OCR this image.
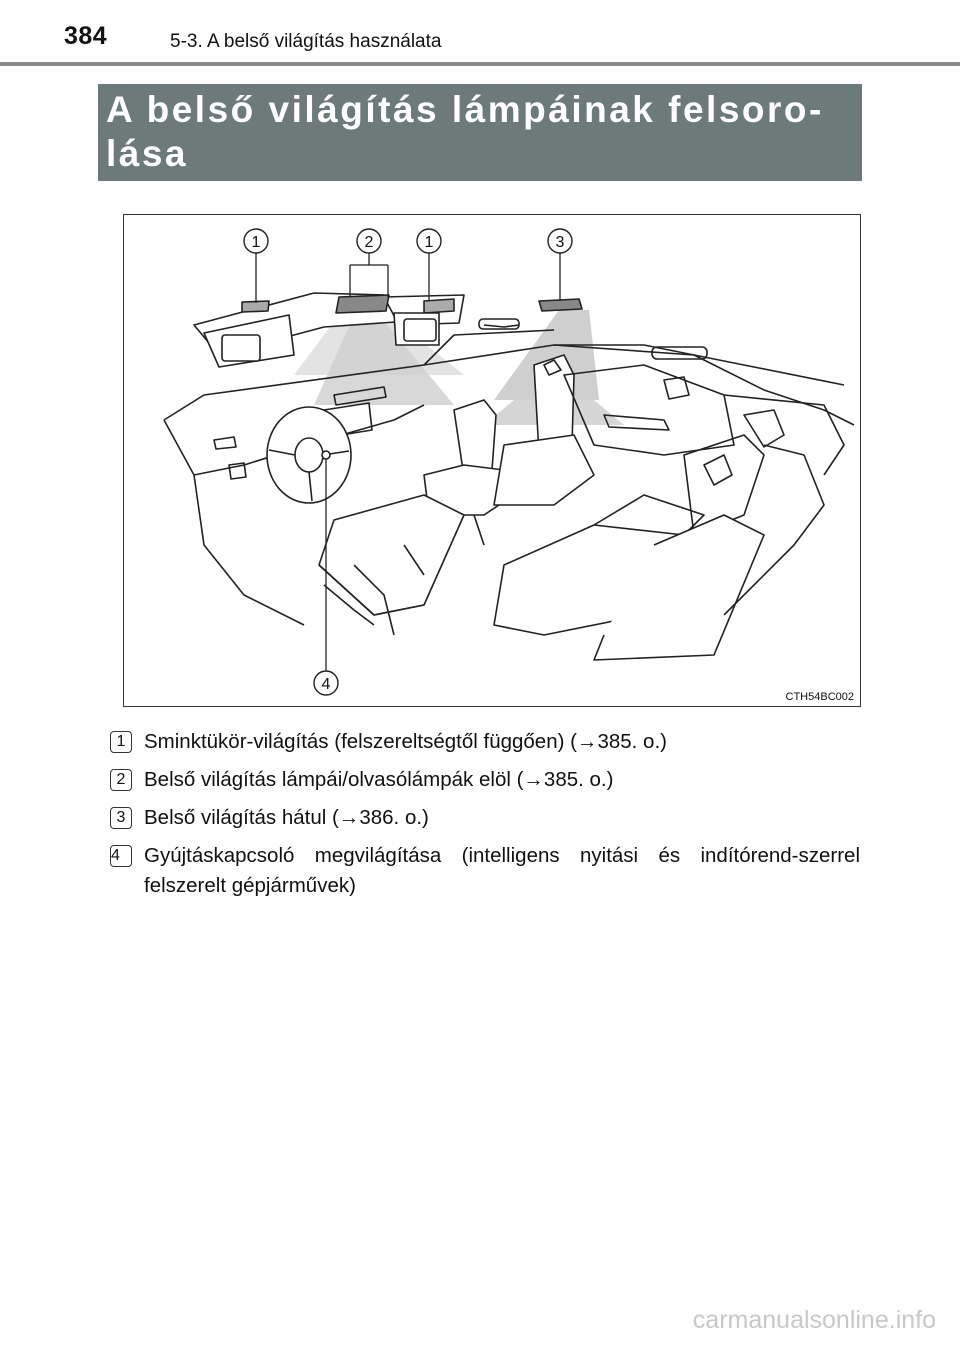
384	5-3. A belső világítás használata

A belső világítás lámpáinak felsoro-

lása

1	2	1	3
4
CTH54BC002
1 Sminktükör-világítás (felszereltségtől függően) (→385. o.)
2 Belső világítás lámpái/olvasólámpák elöl (→385. o.)
3 Belső világítás hátul (→386. o.)
4	Gyújtáskapcsoló megvilágítása (intelligens nyitási és indítórend-szerrel felszerelt gépjárművek)
carmanualsonline.info
